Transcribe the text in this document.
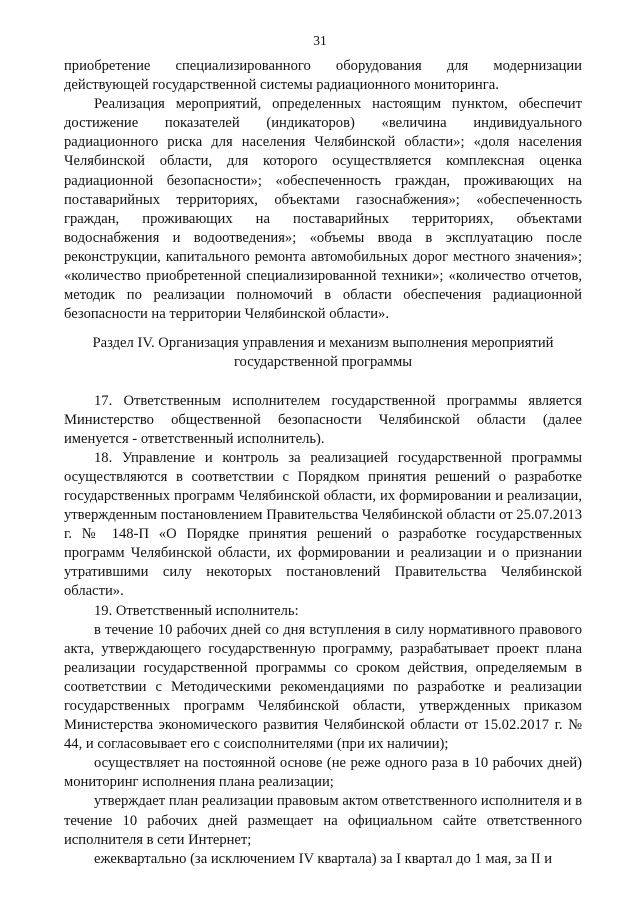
31

приобретение специализированного оборудования для модернизации действующей государственной системы радиационного мониторинга.

Реализация мероприятий, определенных настоящим пунктом, обеспечит достижение показателей (индикаторов) «величина индивидуального радиационного риска для населения Челябинской области»; «доля населения Челябинской области, для которого осуществляется комплексная оценка радиационной безопасности»; «обеспеченность граждан, проживающих на поставарийных территориях, объектами газоснабжения»; «обеспеченность граждан, проживающих на поставарийных территориях, объектами водоснабжения и водоотведения»; «объемы ввода в эксплуатацию после реконструкции, капитального ремонта автомобильных дорог местного значения»; «количество приобретенной специализированной техники»; «количество отчетов, методик по реализации полномочий в области обеспечения радиационной безопасности на территории Челябинской области».

Раздел IV. Организация управления и механизм выполнения мероприятий
государственной программы

17. Ответственным исполнителем государственной программы является Министерство общественной безопасности Челябинской области (далее именуется - ответственный исполнитель).

18. Управление и контроль за реализацией государственной программы осуществляются в соответствии с Порядком принятия решений о разработке государственных программ Челябинской области, их формировании и реализации, утвержденным постановлением Правительства Челябинской области от 25.07.2013 г. № 148-П «О Порядке принятия решений о разработке государственных программ Челябинской области, их формировании и реализации и о признании утратившими силу некоторых постановлений Правительства Челябинской области».

19. Ответственный исполнитель:

в течение 10 рабочих дней со дня вступления в силу нормативного правового акта, утверждающего государственную программу, разрабатывает проект плана реализации государственной программы со сроком действия, определяемым в соответствии с Методическими рекомендациями по разработке и реализации государственных программ Челябинской области, утвержденных приказом Министерства экономического развития Челябинской области от 15.02.2017 г. № 44, и согласовывает его с соисполнителями (при их наличии);

осуществляет на постоянной основе (не реже одного раза в 10 рабочих дней) мониторинг исполнения плана реализации;

утверждает план реализации правовым актом ответственного исполнителя и в течение 10 рабочих дней размещает на официальном сайте ответственного исполнителя в сети Интернет;

ежеквартально (за исключением IV квартала) за I квартал до 1 мая, за II и
